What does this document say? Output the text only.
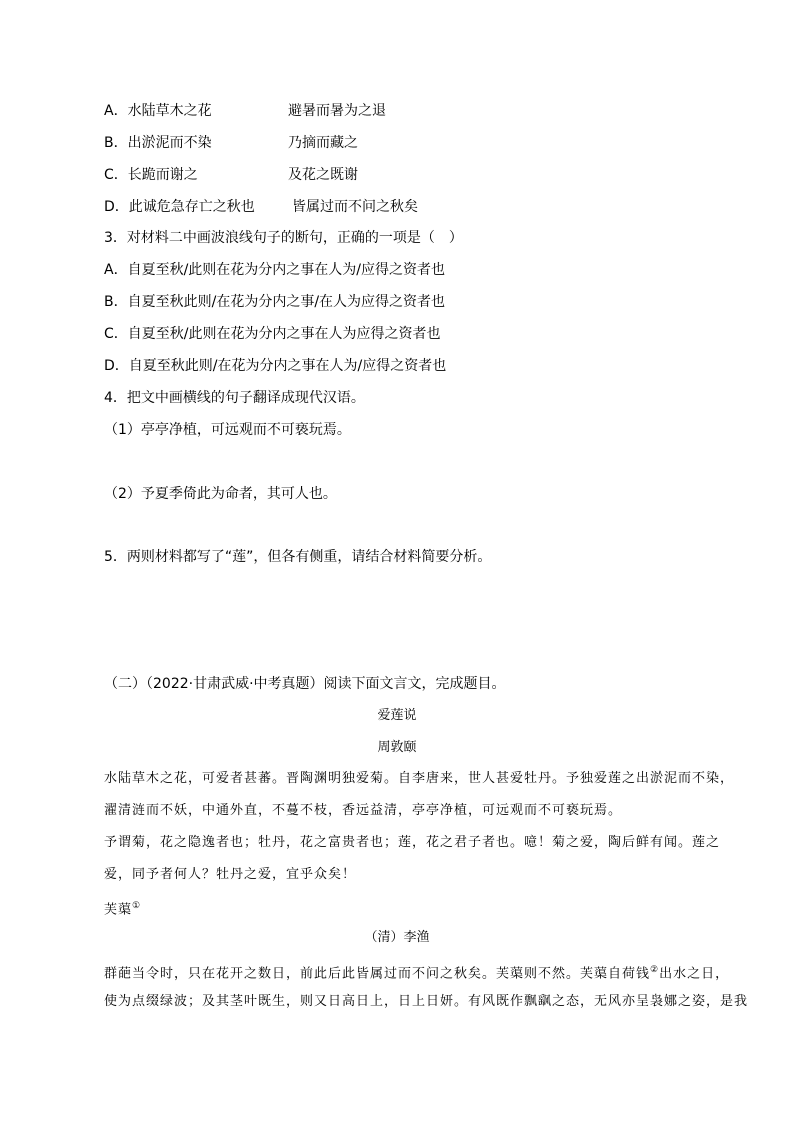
A．水陆草木之花	避暑而暑为之退
B．出淤泥而不染	乃摘而藏之
C．长跪而谢之	及花之既谢
D．此诚危急存亡之秋也	皆属过而不问之秋矣
3．对材料二中画波浪线句子的断句，正确的一项是（　）
A．自夏至秋/此则在花为分内之事在人为/应得之资者也
B．自夏至秋此则/在花为分内之事/在人为应得之资者也
C．自夏至秋/此则在花为分内之事在人为应得之资者也
D．自夏至秋此则/在花为分内之事在人为/应得之资者也
4．把文中画横线的句子翻译成现代汉语。
（1）亭亭净植，可远观而不可亵玩焉。
（2）予夏季倚此为命者，其可人也。
5．两则材料都写了“莲”，但各有侧重，请结合材料简要分析。
（二）（2022·甘肃武威·中考真题）阅读下面文言文，完成题目。
爱莲说
周敦颐
水陆草木之花，可爱者甚蕃。晋陶渊明独爱菊。自李唐来，世人甚爱牡丹。予独爱莲之出淤泥而不染，
濯清涟而不妖，中通外直，不蔓不枝，香远益清，亭亭净植，可远观而不可亵玩焉。
予谓菊，花之隐逸者也；牡丹，花之富贵者也；莲，花之君子者也。噫！菊之爱，陶后鲜有闻。莲之
爱，同予者何人？牡丹之爱，宜乎众矣！
芙蕖①
（清）李渔
群葩当令时，只在花开之数日，前此后此皆属过而不问之秋矣。芙蕖则不然。芙蕖自荷钱②出水之日，
使为点缀绿波；及其茎叶既生，则又日高日上，日上日妍。有风既作飘飖之态，无风亦呈袅娜之姿，是我
